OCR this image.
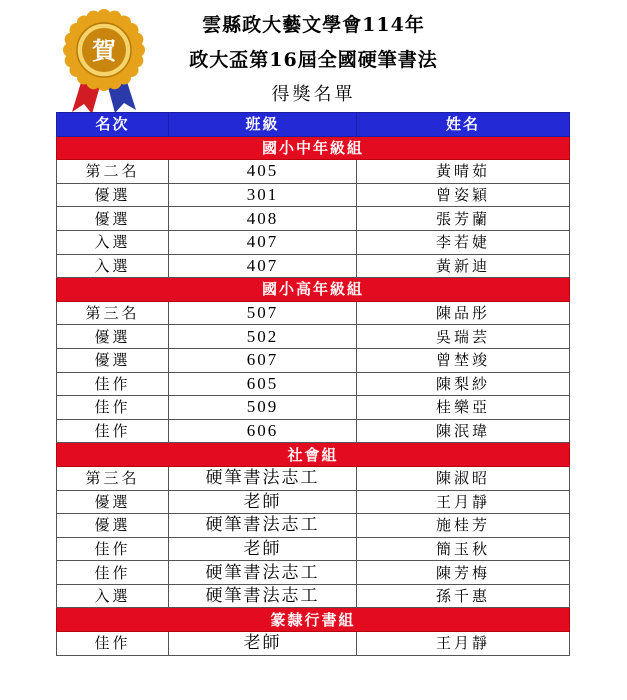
賀
雲縣政大藝文學會114年
政大盃第16屆全國硬筆書法
得獎名單
名次	班級	姓名
國小中年級組		
第二名	405	黃晴茹
優選	301	曾姿穎
優選	408	張芳蘭
入選	407	李若婕
入選	407	黃新迪
國小高年級組		
第三名	507	陳品彤
優選	502	吳瑞芸
優選	607	曾埜竣
佳作	605	陳梨紗
佳作	509	桂樂亞
佳作	606	陳泯瑋
社會組		
第三名	硬筆書法志工	陳淑昭
優選	老師	王月靜
優選	硬筆書法志工	施桂芳
佳作	老師	簡玉秋
佳作	硬筆書法志工	陳芳梅
入選	硬筆書法志工	孫千惠
篆隸行書組		
佳作	老師	王月靜
